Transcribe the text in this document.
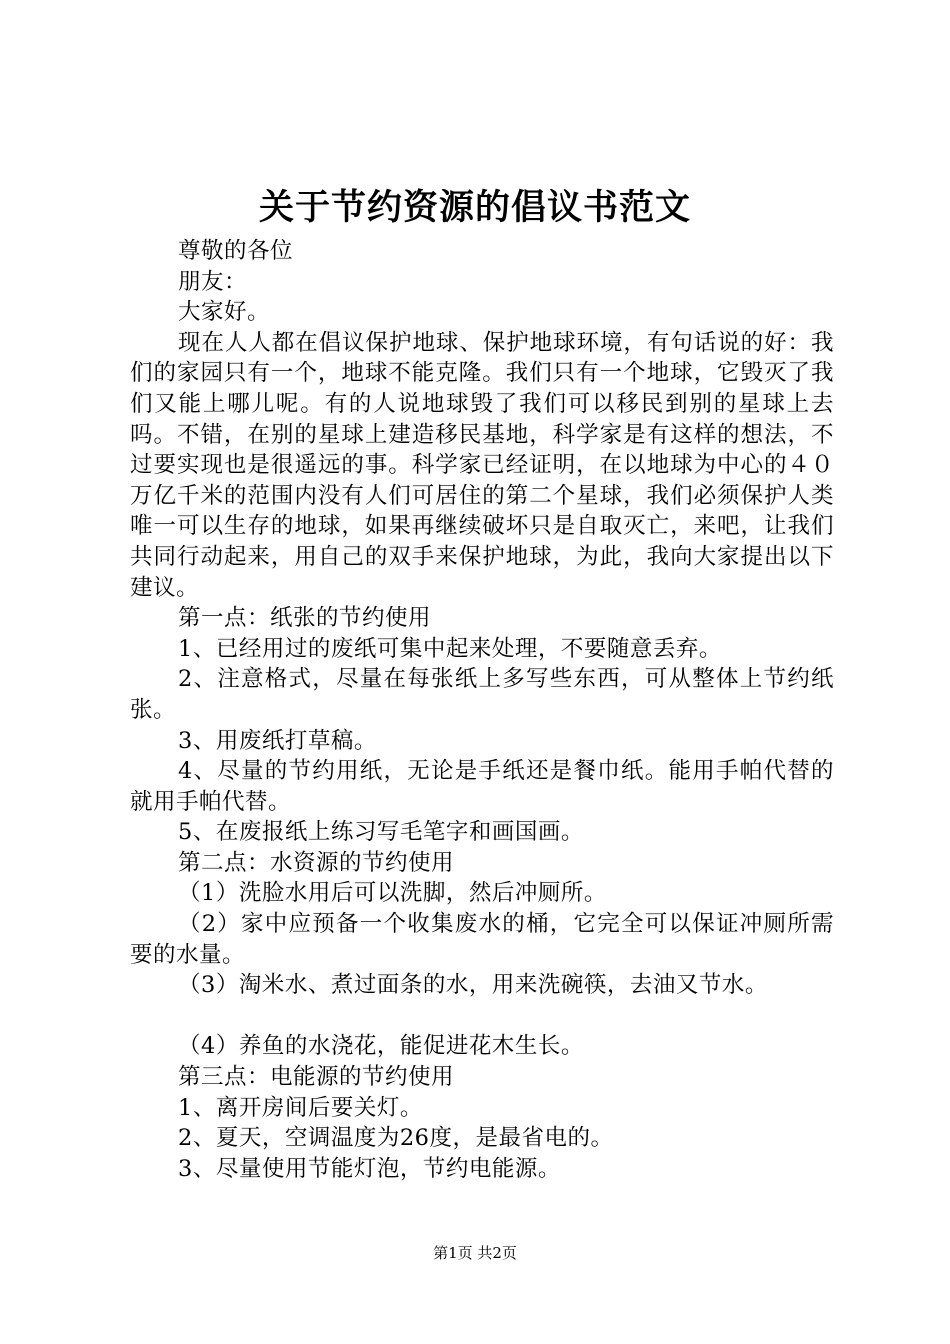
关于节约资源的倡议书范文

尊敬的各位

朋友：

大家好。

现在人人都在倡议保护地球、保护地球环境，有句话说的好：我们的家园只有一个，地球不能克隆。我们只有一个地球，它毁灭了我们又能上哪儿呢。有的人说地球毁了我们可以移民到别的星球上去吗。不错，在别的星球上建造移民基地，科学家是有这样的想法，不过要实现也是很遥远的事。科学家已经证明，在以地球为中心的４０万亿千米的范围内没有人们可居住的第二个星球，我们必须保护人类唯一可以生存的地球，如果再继续破坏只是自取灭亡，来吧，让我们共同行动起来，用自己的双手来保护地球，为此，我向大家提出以下建议。

第一点：纸张的节约使用

1、已经用过的废纸可集中起来处理，不要随意丢弃。

2、注意格式，尽量在每张纸上多写些东西，可从整体上节约纸张。

3、用废纸打草稿。

4、尽量的节约用纸，无论是手纸还是餐巾纸。能用手帕代替的就用手帕代替。

5、在废报纸上练习写毛笔字和画国画。

第二点：水资源的节约使用

（1）洗脸水用后可以洗脚，然后冲厕所。

（2）家中应预备一个收集废水的桶，它完全可以保证冲厕所需要的水量。

（3）淘米水、煮过面条的水，用来洗碗筷，去油又节水。

（4）养鱼的水浇花，能促进花木生长。

第三点：电能源的节约使用

1、离开房间后要关灯。

2、夏天，空调温度为26度，是最省电的。

3、尽量使用节能灯泡，节约电能源。

第1页 共2页
